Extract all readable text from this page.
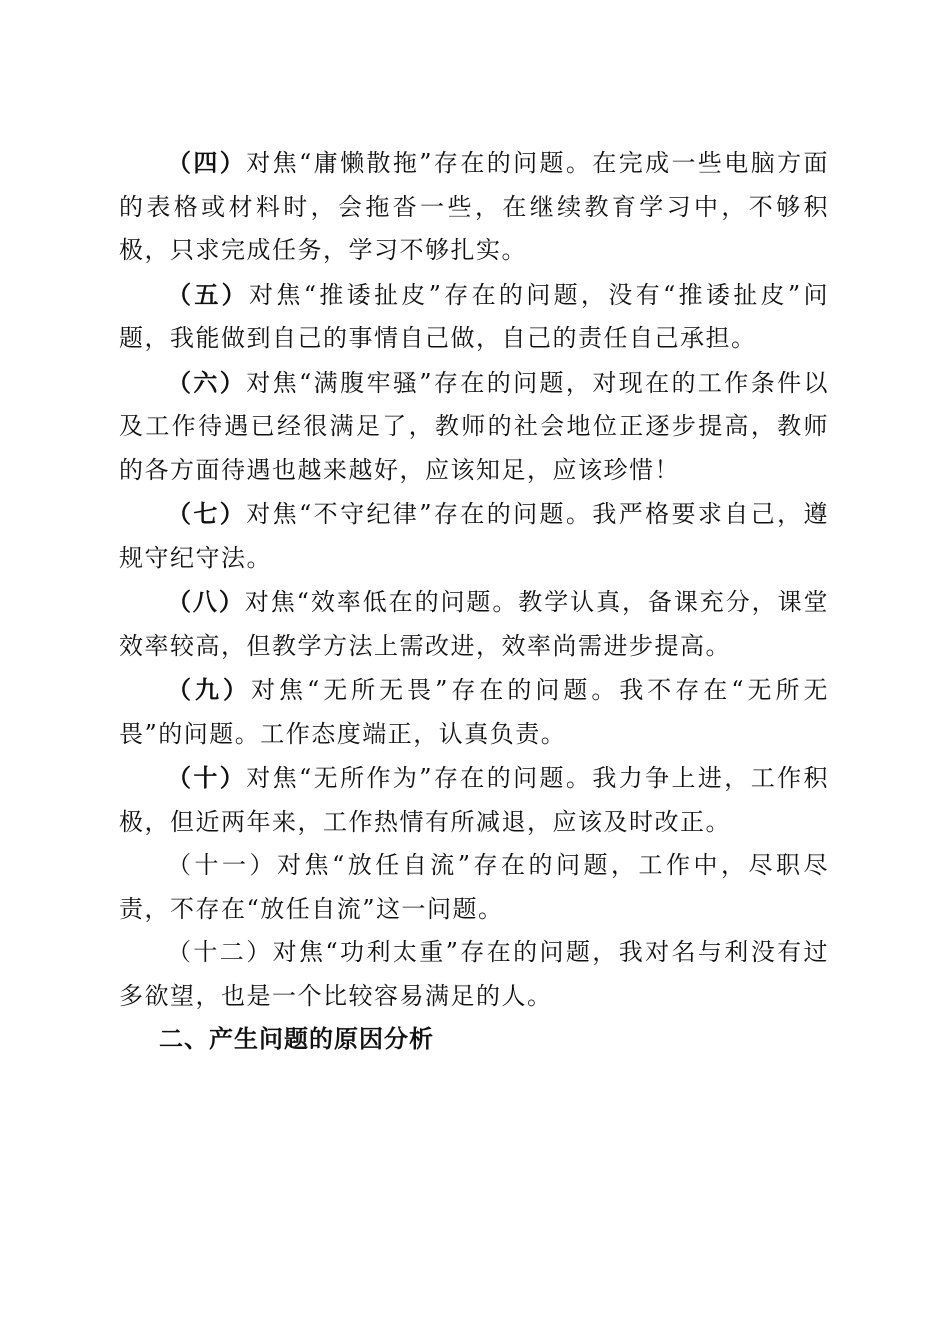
（四）对焦“庸懒散拖”存在的问题。在完成一些电脑方面的表格或材料时，会拖沓一些，在继续教育学习中，不够积极，只求完成任务，学习不够扎实。

（五）对焦“推诿扯皮”存在的问题，没有“推诿扯皮”问题，我能做到自己的事情自己做，自己的责任自己承担。

（六）对焦“满腹牢骚”存在的问题，对现在的工作条件以及工作待遇已经很满足了，教师的社会地位正逐步提高，教师的各方面待遇也越来越好，应该知足，应该珍惜！

（七）对焦“不守纪律”存在的问题。我严格要求自己，遵规守纪守法。

（八）对焦“效率低在的问题。教学认真，备课充分，课堂效率较高，但教学方法上需改进，效率尚需进步提高。

（九）对焦“无所无畏”存在的问题。我不存在“无所无畏”的问题。工作态度端正，认真负责。

（十）对焦“无所作为”存在的问题。我力争上进，工作积极，但近两年来，工作热情有所减退，应该及时改正。

（十一）对焦“放任自流”存在的问题，工作中，尽职尽责，不存在“放任自流”这一问题。

（十二）对焦“功利太重”存在的问题，我对名与利没有过多欲望，也是一个比较容易满足的人。

二、产生问题的原因分析
